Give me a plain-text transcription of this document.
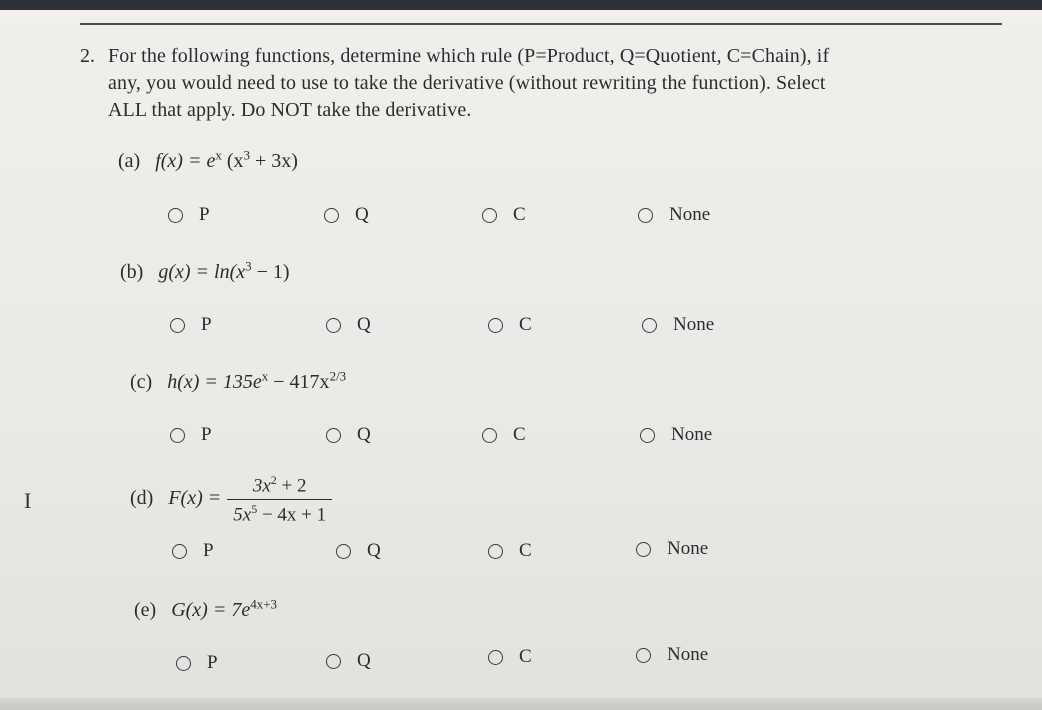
2. For the following functions, determine which rule (P=Product, Q=Quotient, C=Chain), if
any, you would need to use to take the derivative (without rewriting the function). Select
ALL that apply. Do NOT take the derivative.
(a) $f(x) = e^x$ $(x^3 + 3x)$
P	Q	C	None
(b) $g(x) = \ln(x^3 - 1)$
P	Q	C	None
(c) $h(x) = 135e^x - 417x^{2/3}$
P	Q	C	None
(d) $F(x) = \frac{3x^2 + 2}{5x^5 - 4x + 1}$
P	Q	C	None
(e) $G(x) = 7e^{4x+3}$
P	Q	C	None
I
